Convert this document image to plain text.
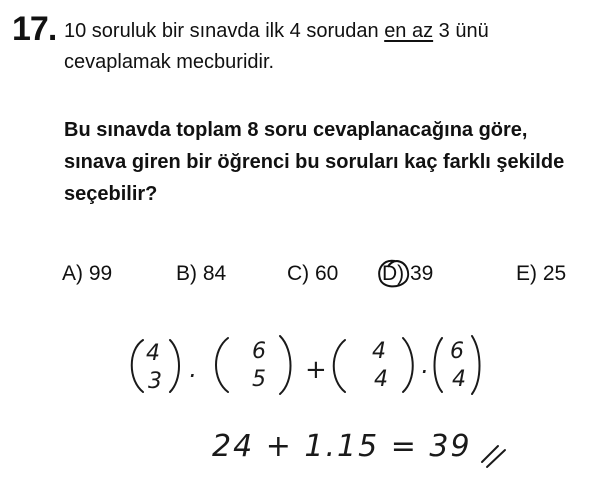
17. 10 soruluk bir sınavda ilk 4 sorudan en az 3 ünü cevaplamak mecburidir.
Bu sınavda toplam 8 soru cevaplanacağına göre, sınava giren bir öğrenci bu soruları kaç farklı şekilde seçebilir?
A) 99	B) 84	C) 60 D) 39	E) 25
4
3 ·
6
5 +
4
4 ·
6
4
24 + 1.15 = 39
